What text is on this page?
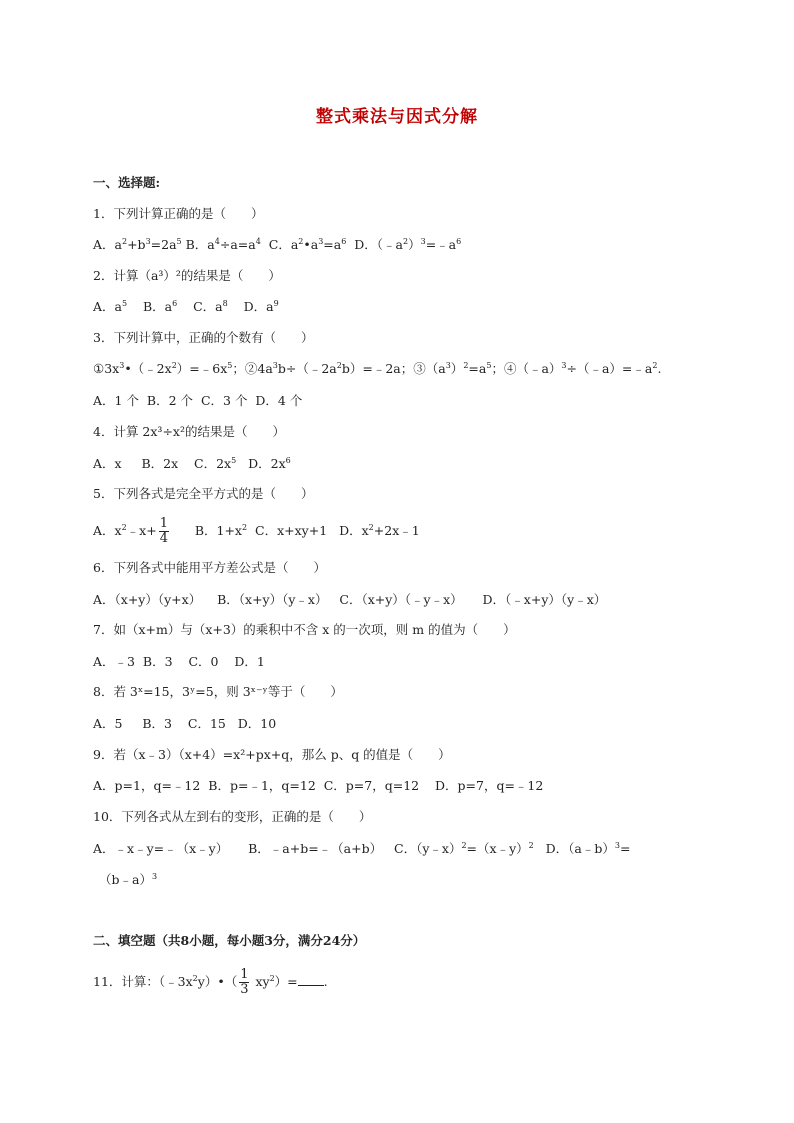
整式乘法与因式分解
一、选择题:
1．下列计算正确的是（　　）
A．$a^2+b^3=2a^5$ B．$a^4\div a=a^4$  C．$a^2•a^3=a^6$  D．$(﹣a^2)^3=﹣a^6$
2．计算（a³）²的结果是（　　）
A．$a^5$    B．$a^6$    C．$a^8$    D．$a^9$
3．下列计算中，正确的个数有（　　）
$①3x^3•(﹣2x^2)=﹣6x^5$；$②4a^3b\div(﹣2a^2b)=﹣2a$；$③(a^3)^2=a^5$；$④(﹣a)^3\div(﹣a)=﹣a^2$.
A．1 个  B．2 个  C．3 个  D．4 个
4．计算 2x³÷x²的结果是（　　）
A．x     B．2x    C．$2x^5$   D．$2x^6$
5．下列各式是完全平方式的是（　　）
A．$x^2﹣x+ \frac{1}{4}$ B．$1+x^2$  C．x+xy+1   D．$x^2+2x﹣1$
6．下列各式中能用平方差公式是（　　）
A．（x+y）（y+x）    B．（x+y）（y﹣x）   C．（x+y）（﹣y﹣x）     D．（﹣x+y）（y﹣x）
7．如（x+m）与（x+3）的乘积中不含 x 的一次项，则 m 的值为（　　）
A．﹣3  B．3    C．0    D．1
8．若 3ˣ=15，3ʸ=5，则 3ˣ⁻ʸ等于（　　）
A．5     B．3    C．15   D．10
9．若（x﹣3）（x+4）=x²+px+q，那么 p、q 的值是（　　）
A．p=1，q=﹣12  B．p=﹣1，q=12  C．p=7，q=12    D．p=7，q=﹣12
10．下列各式从左到右的变形，正确的是（　　）
A．﹣x﹣y=﹣（x﹣y）     B．﹣a+b=﹣（a+b）   C．（y﹣x）$^2$=（x﹣y）$^2$   D．（a﹣b）$^3$=
（b﹣a）$^3$
二、填空题（共8小题，每小题3分，满分24分）
11．计算：$(﹣3x^2y)•( \frac{1}{3} xy^2)=$ .
